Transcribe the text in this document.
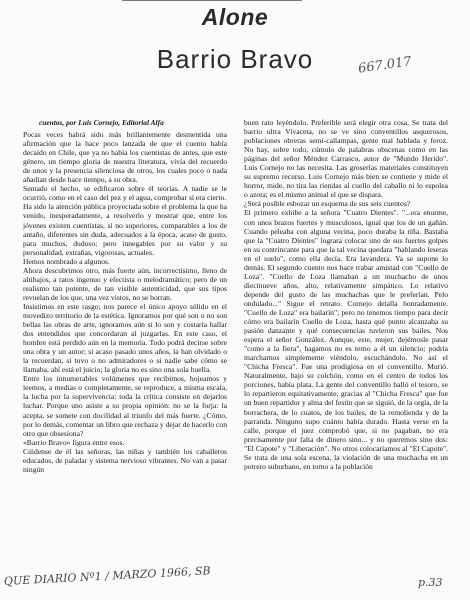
Alone
Barrio Bravo	667.017
cuentos, por Luis Cornejo, Editorial Alfa
Pocas veces habrá sido más brillantemente desmentida una afirmación que la hace poco lanzada de que el cuento había decaído en Chile, que ya no había los cuentistas de antes, que este género, un tiempo gloria de nuestra literatura, vivía del recuerdo de unos y la presencia silenciosa de otros, los cuales poco o nada añadían desde hace tiempo, a su obra.
Sentado el hecho, se edificaron sobre él teorías. A nadie se le ocurrió, como en el caso del pez y el agua, comprobar si era cierto.
Ha sido la atención pública proyectada sobre el problema la que ha venido, inesperadamente, a resolverlo y mostrar que, entre los jóvenes existen cuentistas, si no superiores, comparables a los de antaño, diferentes sin duda, adecuados a la época, acaso de gusto, para muchos, dudoso; pero innegables por su valor y su personalidad, extrañas, vigorosas, actuales.
Hemos nombrado a algunos.
Ahora descubrimos otro, más fuerte aún, incorrectísimo, lleno de altibajos, a ratos ingenuo y efectista o melodramático; pero de un realismo tan potente, de tan visible autenticidad, que sus tipos revuelan de los que, una vez vistos, no se borran.
Insistimos en este rasgo; nos parece el único apoyo sólido en el movedizo territorio de la estética. Ignoramos por qué son o no son bellas las obras de arte, ignoramos aún si lo son y costaría hallar dos entendidos que concordaran al juzgarlas. En este caso, el hombre está perdido aún en la memoria. Todo podrá decirse sobre una obra y un autor; si acaso pasado unos años, la han olvidado o la recuerdan, si tuvo o no admiradores o si nadie sabe cómo se llamaba, ahí está el juicio; la gloria no es sino una sola huella.
Entre los innumerables volúmenes que recibimos, hojeamos y leemos, a medias o completamente, se reproduce, a misma escala, la lucha por la supervivencia: toda la crítica consiste en dejarlos luchar. Porque uno asiste a su propia opinión: no se la forja: la acepta, se somete con docilidad al triunfo del más fuerte. ¿Cómo, por lo demás, comentar un libro que rechaza y dejar de hacerlo con otro que obsesiona?
«Barrio Bravo» figura entre esos.
Cúidense de él las señoras, las niñas y también los caballeros educados, de paladar y sistema nervioso vibrantes. No van a pasar ningún
buen rato leyéndolo. Preferible será elegir otra cosa. Se trata del barrio ultra Vivaceta, no se ve sino conventillos asquerosos, poblaciones obreras semi-callampas, gente mal hablada y feroz. No hay, sobre todo, cúmulo de palabras obscenas como en las páginas del señor Méndez Carrasco, autor de "Mundo Herido". Luis Cornejo no las necesita. Las groserías materiales constituyen su supremo recurso. Luis Cornejo más bien se contiene y mide el horror, mide, no tira las riendas al cuello del caballo ni lo espolea o azota; es el mismo animal el que se dispara.
¿Será posible esbozar un esquema de sus seis cuentos?
El primero exhibe a la señora "Cuatro Dientes". "...era enorme, con unos brazos fuertes y musculosos, igual que los de un gañán. Cuando peleaba con alguna vecina, poco duraba la riña. Bastaba que la "Cuatro Dientes" lograra colocar uno de sus fuertes golpes en su contrincante para que la tal vecina quedara "hablando leseras en el suelo", como ella decía. Era lavandera. Ya se supone lo demás. El segundo cuento nos hace trabar amistad con "Cuello de Loza". "Cuello de Loza llamaban a un muchacho de unos diecinueve años, alto, relativamente simpático. Lo relativo depende del gusto de las muchachas que le preferían. Pelo ondulado..." Sigue el retrato. Cornejo detalla honradamente. "Cuello de Loza" era bailarín"; pero no tenemos tiempo para decir cómo era bailarín Cuello de Loza, hasta qué punto alcanzaba su pasión danzante y qué consecuencias tuvieron sus bailes. Nos espera el señor González. Aunque, este, mujer, dejémosle pasar "como a la fiera", hagamos no es terno a él un silencio; podría marcharnos simplemente viéndolo, escuchándolo. No así el "Chicha Fresca". Fue una prodigiosa en el conventillo. Murió. Naturalmente, bajo su colchón, como en el centro de todos los porciones, había plata. La gente del conventillo halló el tesoro, se lo repartieron equitativamente, gracias al "Chicha Fresca" que fue un buen repartidor y alma del festín que se siguió, de la orgía, de la borrachera, de lo cuatos, de los bailes, de la remolienda y de la parranda. Ninguno supo cuánto había durado. Hasta verse en la calle, porque el juez comprobó que, si no pagaban, no era precisamente por falta de dinero sino... y no queremos sino dos: "El Capote" y "Liberación". No otros colocaríamos al "El Capote". Se trata de una sola escena, la violación de una muchacha en un potrero suburbano, en torno a la población
QUE DIARIO Nº1 / MARZO 1966, SB	p.33
